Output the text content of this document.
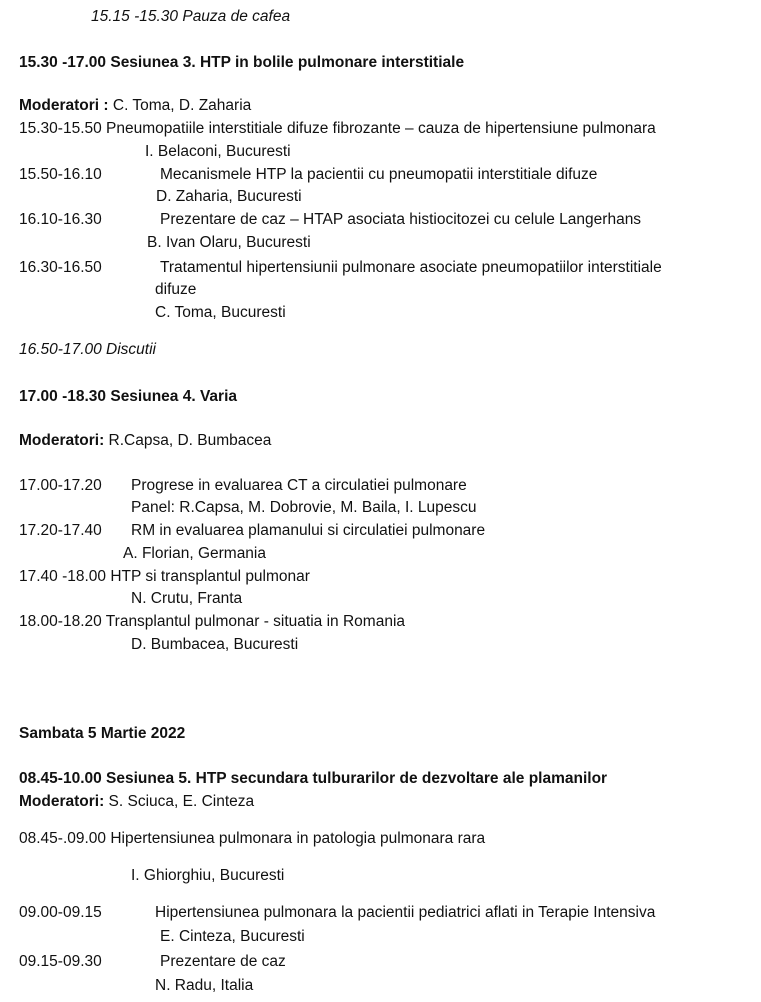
15.15 -15.30 Pauza de cafea
15.30 -17.00 Sesiunea 3. HTP in bolile pulmonare interstitiale
Moderatori : C. Toma, D. Zaharia
15.30-15.50 Pneumopatiile interstitiale difuze fibrozante – cauza de hipertensiune pulmonara
I. Belaconi, Bucuresti
15.50-16.10	Mecanismele HTP la pacientii cu pneumopatii interstitiale difuze
D. Zaharia, Bucuresti
16.10-16.30	Prezentare de caz – HTAP asociata histiocitozei cu celule Langerhans
B. Ivan Olaru, Bucuresti
16.30-16.50	Tratamentul hipertensiunii pulmonare asociate pneumopatiilor interstitiale
difuze
C. Toma, Bucuresti
16.50-17.00 Discutii
17.00 -18.30 Sesiunea 4. Varia
Moderatori: R.Capsa, D. Bumbacea
17.00-17.20 Progrese in evaluarea CT a circulatiei pulmonare
Panel: R.Capsa, M. Dobrovie, M. Baila, I. Lupescu
17.20-17.40 RM in evaluarea plamanului si circulatiei pulmonare
A. Florian, Germania
17.40 -18.00 HTP si transplantul pulmonar
N. Crutu, Franta
18.00-18.20 Transplantul pulmonar - situatia in Romania
D. Bumbacea, Bucuresti
Sambata 5 Martie 2022
08.45-10.00 Sesiunea 5. HTP secundara tulburarilor de dezvoltare ale plamanilor
Moderatori: S. Sciuca, E. Cinteza
08.45-.09.00 Hipertensiunea pulmonara in patologia pulmonara rara
I. Ghiorghiu, Bucuresti
09.00-09.15	Hipertensiunea pulmonara la pacientii pediatrici aflati in Terapie Intensiva
E. Cinteza, Bucuresti
09.15-09.30	Prezentare de caz
N. Radu, Italia
